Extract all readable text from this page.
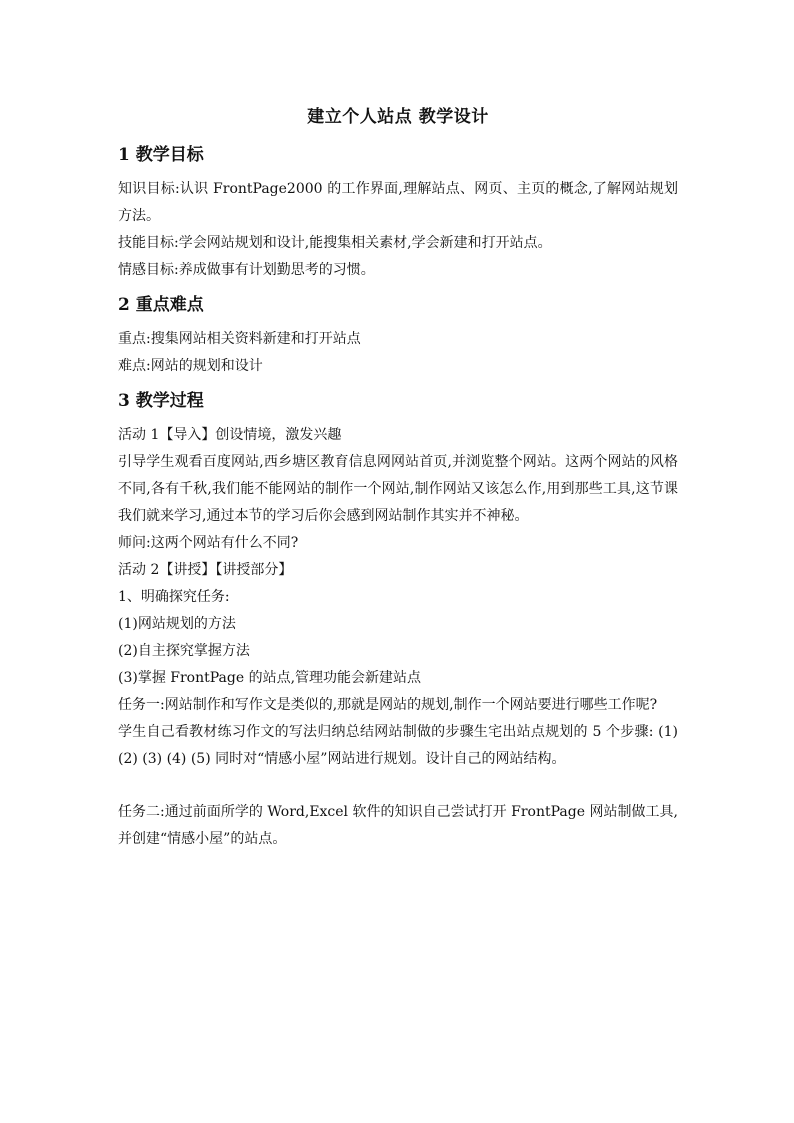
建立个人站点 教学设计
1 教学目标

知识目标:认识 FrontPage2000 的工作界面,理解站点、网页、主页的概念,了解网站规划方法。

技能目标:学会网站规划和设计,能搜集相关素材,学会新建和打开站点。

情感目标:养成做事有计划勤思考的习惯。

2 重点难点

重点:搜集网站相关资料新建和打开站点

难点:网站的规划和设计

3 教学过程

活动 1【导入】创设情境，激发兴趣

引导学生观看百度网站,西乡塘区教育信息网网站首页,并浏览整个网站。这两个网站的风格不同,各有千秋,我们能不能网站的制作一个网站,制作网站又该怎么作,用到那些工具,这节课我们就来学习,通过本节的学习后你会感到网站制作其实并不神秘。

师问:这两个网站有什么不同?

活动 2【讲授】【讲授部分】

1、明确探究任务:

(1)网站规划的方法

(2)自主探究掌握方法

(3)掌握 FrontPage 的站点,管理功能会新建站点

任务一:网站制作和写作文是类似的,那就是网站的规划,制作一个网站要进行哪些工作呢?

学生自己看教材练习作文的写法归纳总结网站制做的步骤生宅出站点规划的 5 个步骤: (1) (2) (3) (4) (5) 同时对“情感小屋”网站进行规划。设计自己的网站结构。

任务二:通过前面所学的 Word,Excel 软件的知识自己尝试打开 FrontPage 网站制做工具,并创建“情感小屋”的站点。
